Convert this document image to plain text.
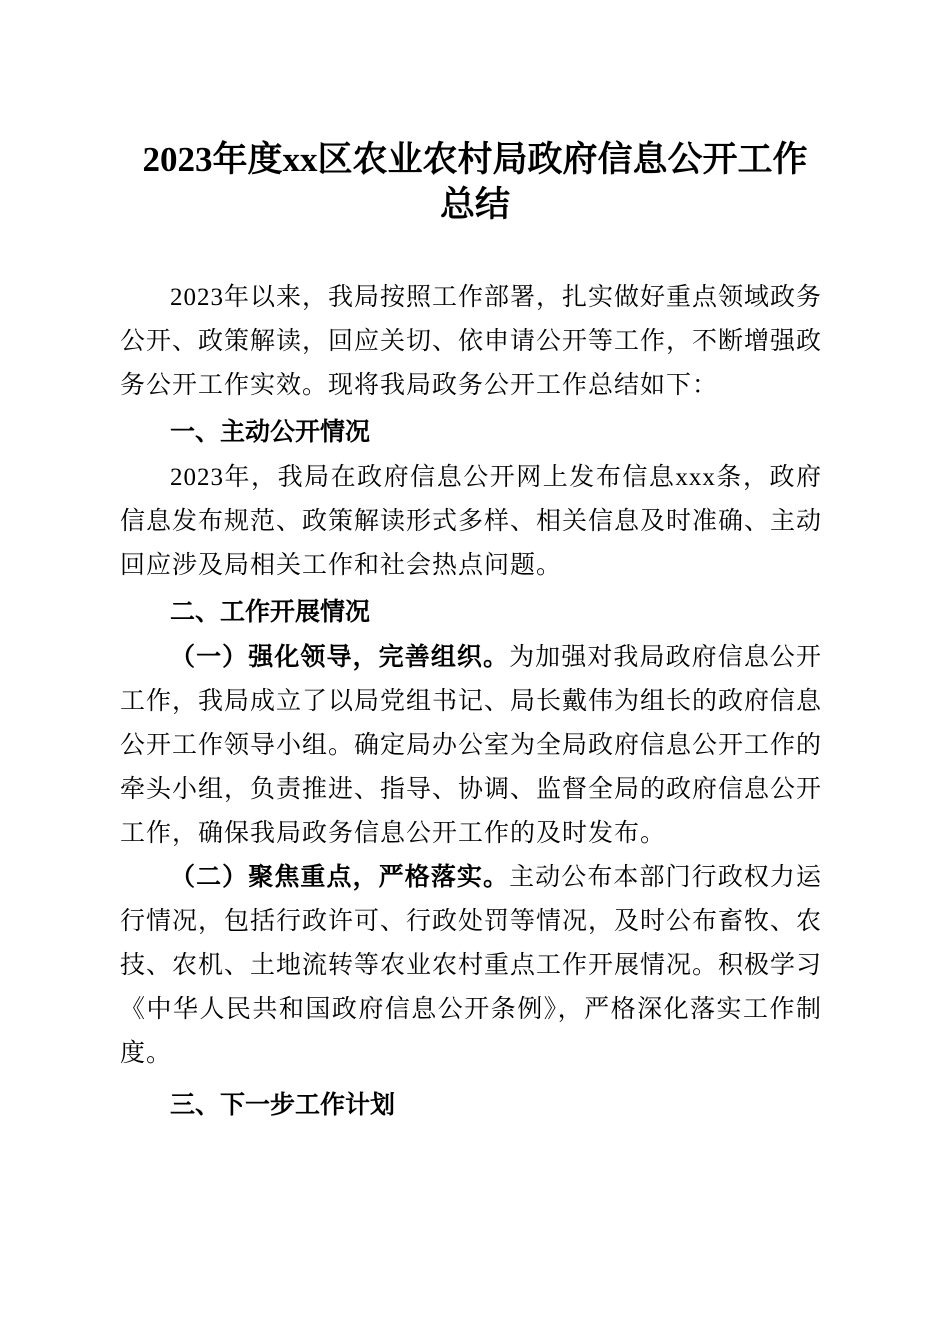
2023年度xx区农业农村局政府信息公开工作
总结
2023年以来，我局按照工作部署，扎实做好重点领域政务
公开、政策解读，回应关切、依申请公开等工作，不断增强政
务公开工作实效。现将我局政务公开工作总结如下：
一、主动公开情况
2023年，我局在政府信息公开网上发布信息xxx条，政府
信息发布规范、政策解读形式多样、相关信息及时准确、主动
回应涉及局相关工作和社会热点问题。
二、工作开展情况
（一）强化领导，完善组织。为加强对我局政府信息公开
工作，我局成立了以局党组书记、局长戴伟为组长的政府信息
公开工作领导小组。确定局办公室为全局政府信息公开工作的
牵头小组，负责推进、指导、协调、监督全局的政府信息公开
工作，确保我局政务信息公开工作的及时发布。
（二）聚焦重点，严格落实。主动公布本部门行政权力运
行情况，包括行政许可、行政处罚等情况，及时公布畜牧、农
技、农机、土地流转等农业农村重点工作开展情况。积极学习
《中华人民共和国政府信息公开条例》，严格深化落实工作制
度。
三、下一步工作计划
